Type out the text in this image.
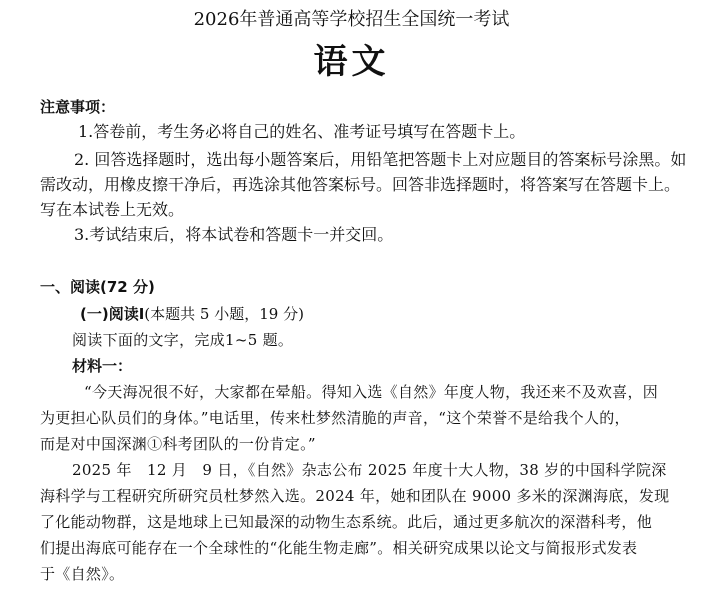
2026年普通高等学校招生全国统一考试
语文
注意事项：
1.答卷前，考生务必将自己的姓名、准考证号填写在答题卡上。
2. 回答选择题时，选出每小题答案后，用铅笔把答题卡上对应题目的答案标号涂黑。如
需改动，用橡皮擦干净后，再选涂其他答案标号。回答非选择题时，将答案写在答题卡上。
写在本试卷上无效。
3.考试结束后，将本试卷和答题卡一并交回。
一、阅读(72 分)
(一)阅读Ⅰ(本题共 5 小题，19 分)
阅读下面的文字，完成1~5 题。
材料一：
“今天海况很不好，大家都在晕船。得知入选《自然》年度人物，我还来不及欢喜，因
为更担心队员们的身体。”电话里，传来杜梦然清脆的声音，“这个荣誉不是给我个人的，
而是对中国深渊①科考团队的一份肯定。”
2025 年　12 月　9 日，《自然》杂志公布 2025 年度十大人物，38 岁的中国科学院深
海科学与工程研究所研究员杜梦然入选。2024 年，她和团队在 9000 多米的深渊海底，发现
了化能动物群，这是地球上已知最深的动物生态系统。此后，通过更多航次的深潜科考，他
们提出海底可能存在一个全球性的“化能生物走廊”。相关研究成果以论文与简报形式发表
于《自然》。
